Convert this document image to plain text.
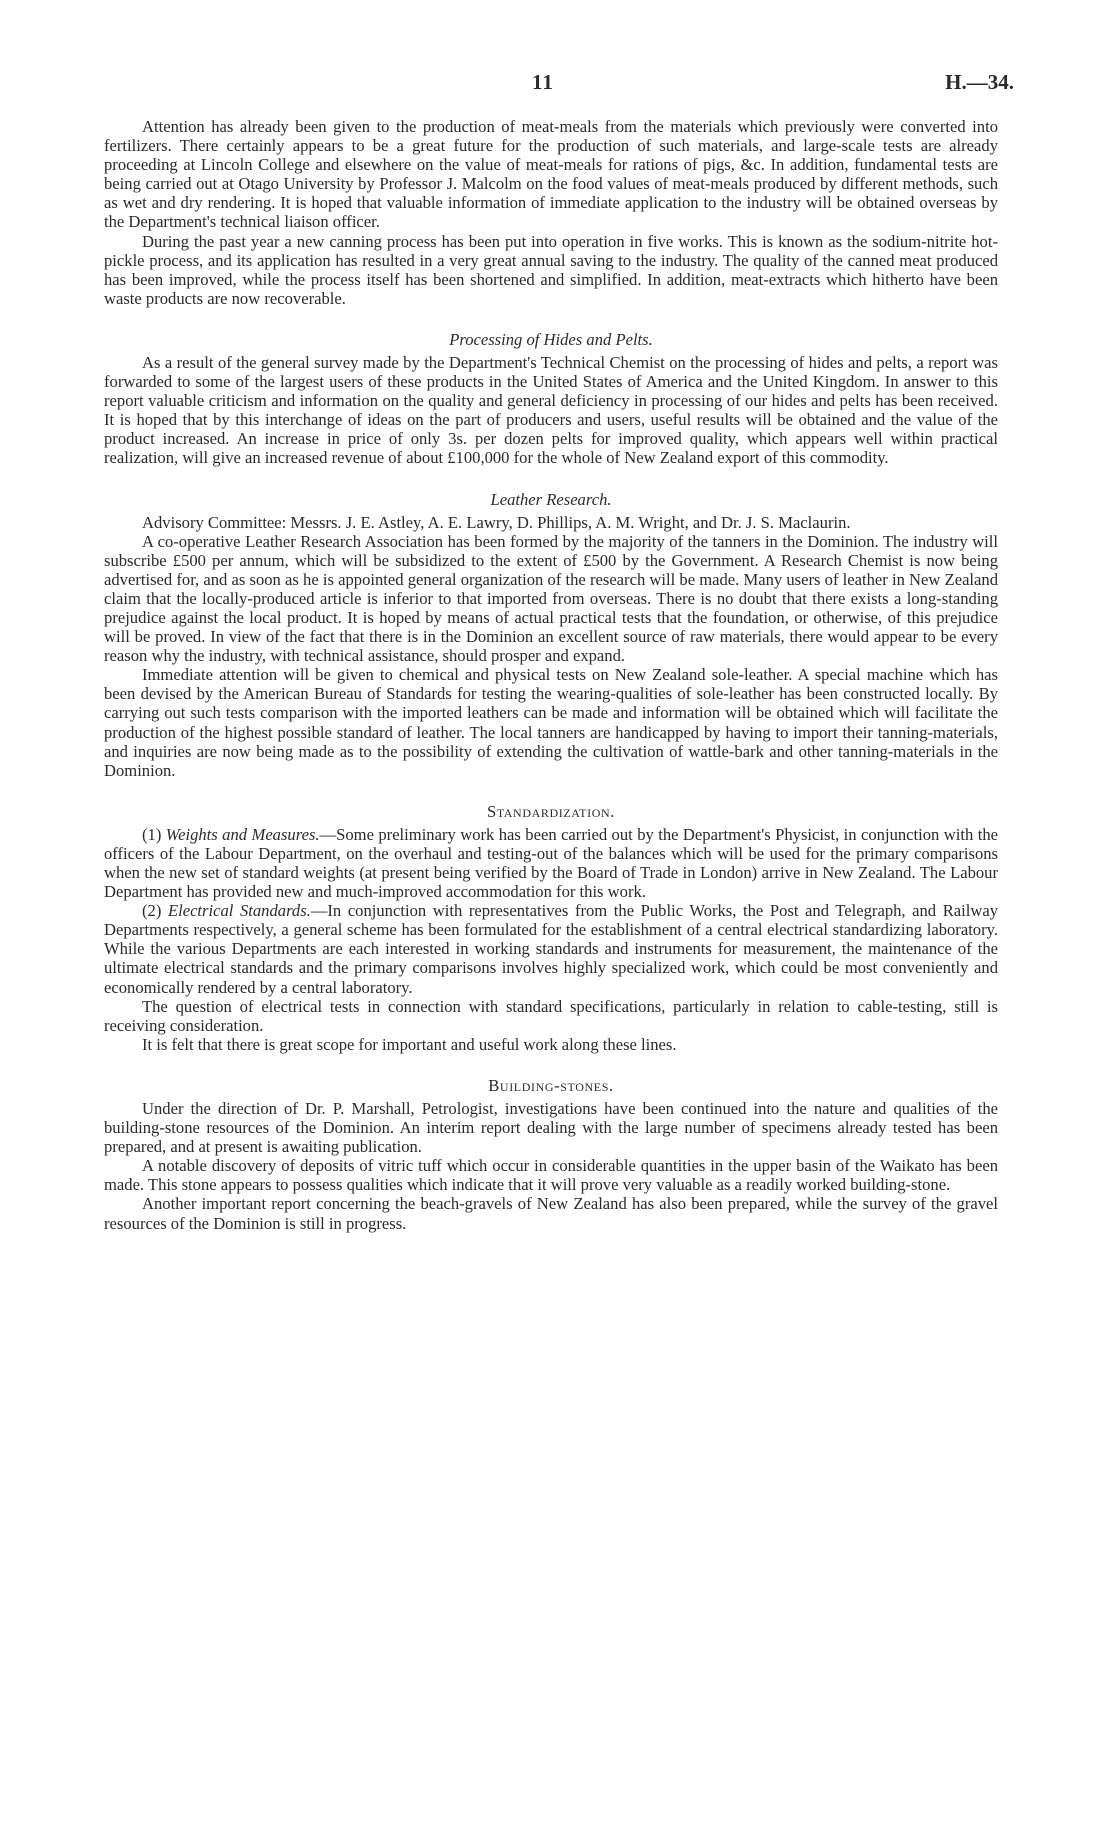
11	H.—34.

Attention has already been given to the production of meat-meals from the materials which previously were converted into fertilizers. There certainly appears to be a great future for the production of such materials, and large-scale tests are already proceeding at Lincoln College and elsewhere on the value of meat-meals for rations of pigs, &c. In addition, fundamental tests are being carried out at Otago University by Professor J. Malcolm on the food values of meat-meals produced by different methods, such as wet and dry rendering. It is hoped that valuable information of immediate application to the industry will be obtained overseas by the Department's technical liaison officer.

During the past year a new canning process has been put into operation in five works. This is known as the sodium-nitrite hot-pickle process, and its application has resulted in a very great annual saving to the industry. The quality of the canned meat produced has been improved, while the process itself has been shortened and simplified. In addition, meat-extracts which hitherto have been waste products are now recoverable.

Processing of Hides and Pelts.

As a result of the general survey made by the Department's Technical Chemist on the processing of hides and pelts, a report was forwarded to some of the largest users of these products in the United States of America and the United Kingdom. In answer to this report valuable criticism and information on the quality and general deficiency in processing of our hides and pelts has been received. It is hoped that by this interchange of ideas on the part of producers and users, useful results will be obtained and the value of the product increased. An increase in price of only 3s. per dozen pelts for improved quality, which appears well within practical realization, will give an increased revenue of about £100,000 for the whole of New Zealand export of this commodity.

Leather Research.

Advisory Committee: Messrs. J. E. Astley, A. E. Lawry, D. Phillips, A. M. Wright, and Dr. J. S. Maclaurin.

A co-operative Leather Research Association has been formed by the majority of the tanners in the Dominion. The industry will subscribe £500 per annum, which will be subsidized to the extent of £500 by the Government. A Research Chemist is now being advertised for, and as soon as he is appointed general organization of the research will be made. Many users of leather in New Zealand claim that the locally-produced article is inferior to that imported from overseas. There is no doubt that there exists a long-standing prejudice against the local product. It is hoped by means of actual practical tests that the foundation, or otherwise, of this prejudice will be proved. In view of the fact that there is in the Dominion an excellent source of raw materials, there would appear to be every reason why the industry, with technical assistance, should prosper and expand.

Immediate attention will be given to chemical and physical tests on New Zealand sole-leather. A special machine which has been devised by the American Bureau of Standards for testing the wearing-qualities of sole-leather has been constructed locally. By carrying out such tests comparison with the imported leathers can be made and information will be obtained which will facilitate the production of the highest possible standard of leather. The local tanners are handicapped by having to import their tanning-materials, and inquiries are now being made as to the possibility of extending the cultivation of wattle-bark and other tanning-materials in the Dominion.

Standardization.

(1) Weights and Measures.—Some preliminary work has been carried out by the Department's Physicist, in conjunction with the officers of the Labour Department, on the overhaul and testing-out of the balances which will be used for the primary comparisons when the new set of standard weights (at present being verified by the Board of Trade in London) arrive in New Zealand. The Labour Department has provided new and much-improved accommodation for this work.

(2) Electrical Standards.—In conjunction with representatives from the Public Works, the Post and Telegraph, and Railway Departments respectively, a general scheme has been formulated for the establishment of a central electrical standardizing laboratory. While the various Departments are each interested in working standards and instruments for measurement, the maintenance of the ultimate electrical standards and the primary comparisons involves highly specialized work, which could be most conveniently and economically rendered by a central laboratory.

The question of electrical tests in connection with standard specifications, particularly in relation to cable-testing, still is receiving consideration.

It is felt that there is great scope for important and useful work along these lines.

Building-stones.

Under the direction of Dr. P. Marshall, Petrologist, investigations have been continued into the nature and qualities of the building-stone resources of the Dominion. An interim report dealing with the large number of specimens already tested has been prepared, and at present is awaiting publication.

A notable discovery of deposits of vitric tuff which occur in considerable quantities in the upper basin of the Waikato has been made. This stone appears to possess qualities which indicate that it will prove very valuable as a readily worked building-stone.

Another important report concerning the beach-gravels of New Zealand has also been prepared, while the survey of the gravel resources of the Dominion is still in progress.
